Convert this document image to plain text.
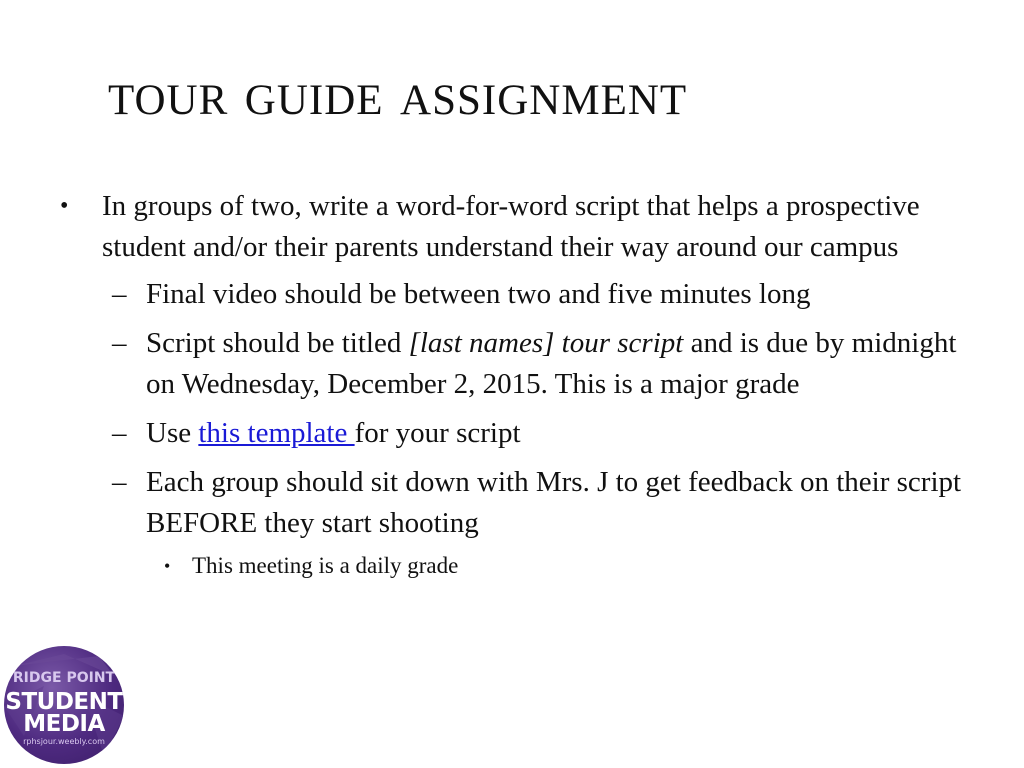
tour guide assignment
• In groups of two, write a word-for-word script that helps a prospective student and/or their parents understand their way around our campus
– Final video should be between two and five minutes long
– Script should be titled [last names] tour script and is due by midnight on Wednesday, December 2, 2015. This is a major grade
– Use this template for your script
– Each group should sit down with Mrs. J to get feedback on their script BEFORE they start shooting
• This meeting is a daily grade
RIDGE POINT
STUDENT
MEDIA
rphsjour.weebly.com
